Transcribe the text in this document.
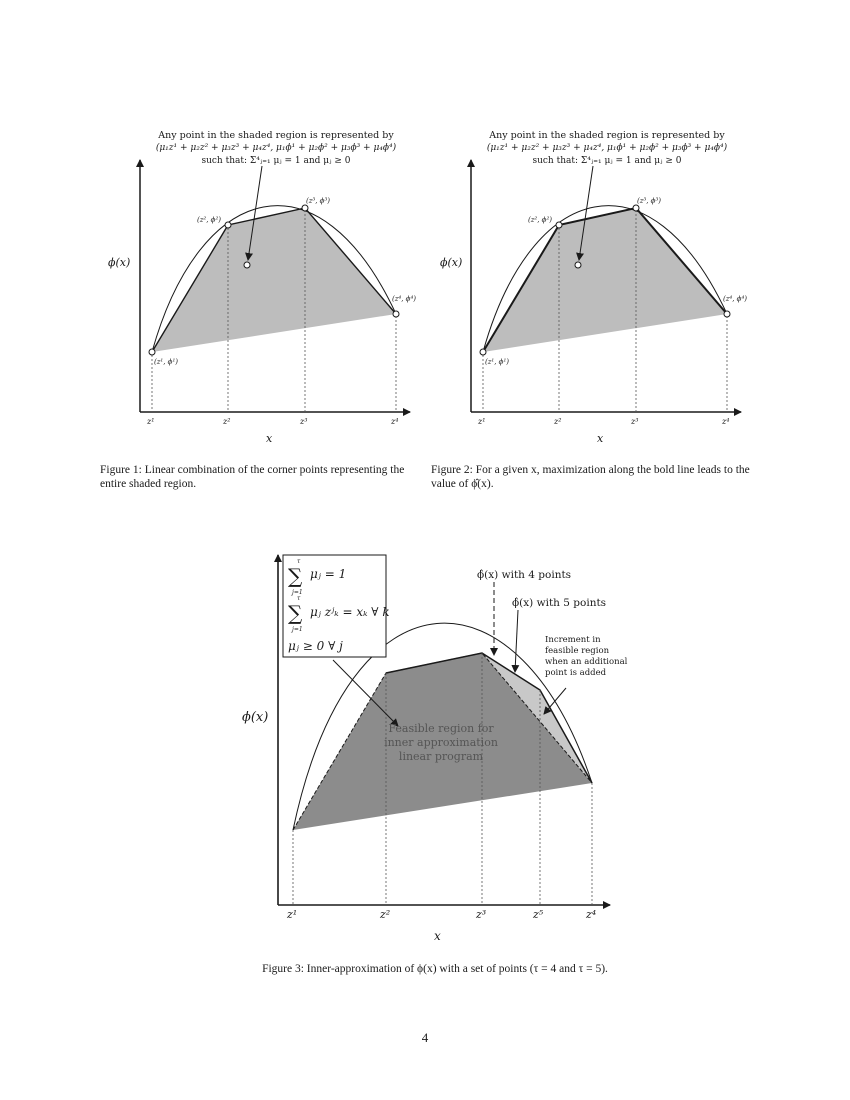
Any point in the shaded region is represented by
(μ₁z¹ + μ₂z² + μ₃z³ + μ₄z⁴, μ₁ϕ¹ + μ₂ϕ² + μ₃ϕ³ + μ₄ϕ⁴)
such that: Σ⁴ⱼ₌₁ μⱼ = 1 and μⱼ ≥ 0
ϕ(x)
x
(z¹, ϕ¹)
(z², ϕ²)
(z³, ϕ³)
(z⁴, ϕ⁴)
z¹	z²	z³	z⁴
Any point in the shaded region is represented by
(μ₁z¹ + μ₂z² + μ₃z³ + μ₄z⁴, μ₁ϕ¹ + μ₂ϕ² + μ₃ϕ³ + μ₄ϕ⁴)
such that: Σ⁴ⱼ₌₁ μⱼ = 1 and μⱼ ≥ 0
ϕ(x)
x
(z¹, ϕ¹)
(z², ϕ²)
(z³, ϕ³)
(z⁴, ϕ⁴)
z¹	z²	z³	z⁴
τ
∑
j=1
μⱼ = 1
τ
∑
j=1
μⱼ zʲₖ = xₖ ∀ k
μⱼ ≥ 0 ∀ j
ϕ̂(x) with 4 points
ϕ̂(x) with 5 points
Increment in
feasible region
when an additional
point is added
Feasible region for
inner approximation
linear program
ϕ(x)
x
z¹	z²	z³	z⁵	z⁴
Figure 1: Linear combination of the corner points representing the entire shaded region.
Figure 2: For a given x, maximization along the bold line leads to the value of ϕ̂(x).
Figure 3: Inner-approximation of ϕ(x) with a set of points (τ = 4 and τ = 5).
4
